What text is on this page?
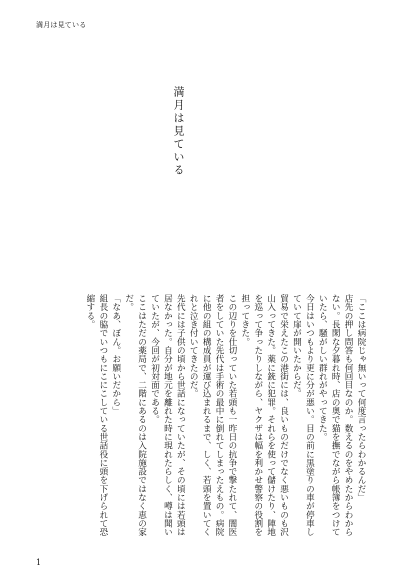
満月は見ている
満月は見ている

「ここは病院じゃ無いって何度言ったらわかるんだ」

店先の押し問答も何回目なのか。数えるのをやめたからわからない。長閑な夕暮れ時、店の奥で猫を撫でながら帳簿をつけていたら、騒がしい群れがやってきた。

今日はいつもより更に分が悪い。目の前に黒塗りの車が停車していて扉が開いたからだ。

貿易で栄えたこの港街には、良いものだけでなく悪いものも沢山入ってきた。薬に銃に犯罪。それらを使って儲けたり、陣地を巡って争ったりしながら、ヤクザは幅を利かせ警察の役割を担ってきた。

この辺りを仕切っていた若頭も一昨日の抗争で撃たれて、闇医者をしていた先代は手術の最中に倒れてしまったえもの。病院に他の組の構成員が運び込まれるまで、しく、若頭を置いてくれと泣き付いてきたのだ。

先代には子供の頃から世話になっていたが、その頃には若頭は居なかった。自分が地元を離れた時に現れたらしく、噂は聞いていたが、今回が初対面である。

ここはただの薬局で、二階にあるのは入院施設ではなく恵の家だ。

「なあ、ぼん。お願いだから」

組長の脇でいつもにこにこしている世話役に頭を下げられて恐縮する。

1
